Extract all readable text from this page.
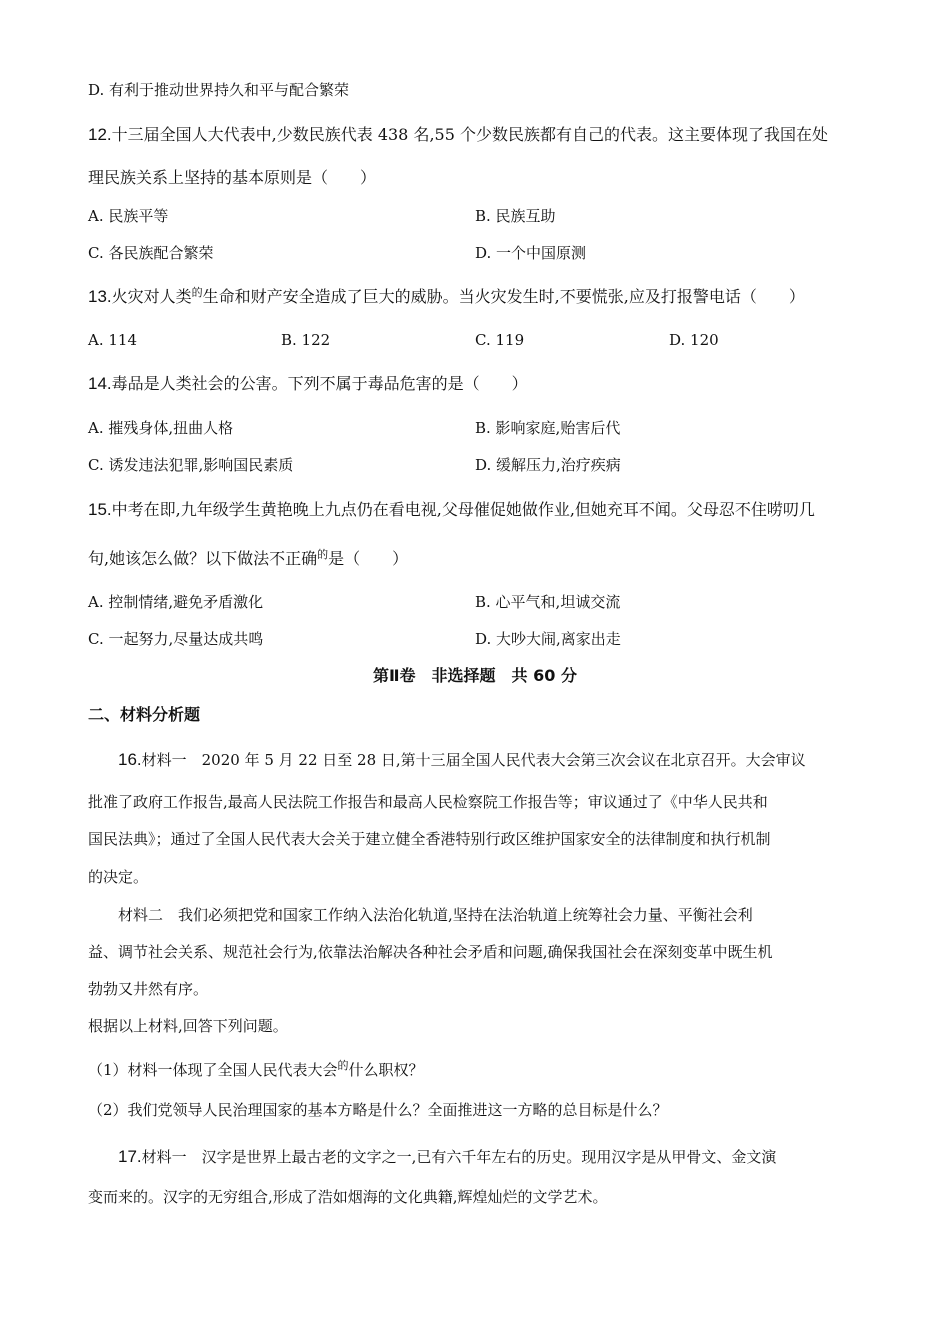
D. 有利于推动世界持久和平与配合繁荣
12.十三届全国人大代表中,少数民族代表 438 名,55 个少数民族都有自己的代表。这主要体现了我国在处
理民族关系上坚持的基本原则是（　　）
A. 民族平等	B. 民族互助
C. 各民族配合繁荣	D. 一个中国原测
13.火灾对人类$^的$生命和财产安全造成了巨大的威胁。当火灾发生时,不要慌张,应及打报警电话（　　）
A. 114	B. 122	C. 119	D. 120
14.毒品是人类社会的公害。下列不属于毒品危害的是（　　）
A. 摧残身体,扭曲人格	B. 影响家庭,贻害后代
C. 诱发违法犯罪,影响国民素质	D. 缓解压力,治疗疾病
15.中考在即,九年级学生黄艳晚上九点仍在看电视,父母催促她做作业,但她充耳不闻。父母忍不住唠叨几
句,她该怎么做？以下做法不正确$^的$是（　　）
A. 控制情绪,避免矛盾激化	B. 心平气和,坦诚交流
C. 一起努力,尽量达成共鸣	D. 大吵大闹,离家出走
第Ⅱ卷　非选择题　共 60 分
二、材料分析题
16.材料一　2020 年 5 月 22 日至 28 日,第十三届全国人民代表大会第三次会议在北京召开。大会审议
批准了政府工作报告,最高人民法院工作报告和最高人民检察院工作报告等；审议通过了《中华人民共和
国民法典》；通过了全国人民代表大会关于建立健全香港特别行政区维护国家安全的法律制度和执行机制
的决定。
材料二　我们必须把党和国家工作纳入法治化轨道,坚持在法治轨道上统筹社会力量、平衡社会利
益、调节社会关系、规范社会行为,依靠法治解决各种社会矛盾和问题,确保我国社会在深刻变革中既生机
勃勃又井然有序。
根据以上材料,回答下列问题。
（1）材料一体现了全国人民代表大会$^的$什么职权？
（2）我们党领导人民治理国家的基本方略是什么？全面推进这一方略的总目标是什么？
17.材料一　汉字是世界上最古老的文字之一,已有六千年左右的历史。现用汉字是从甲骨文、金文演
变而来的。汉字的无穷组合,形成了浩如烟海的文化典籍,辉煌灿烂的文学艺术。
